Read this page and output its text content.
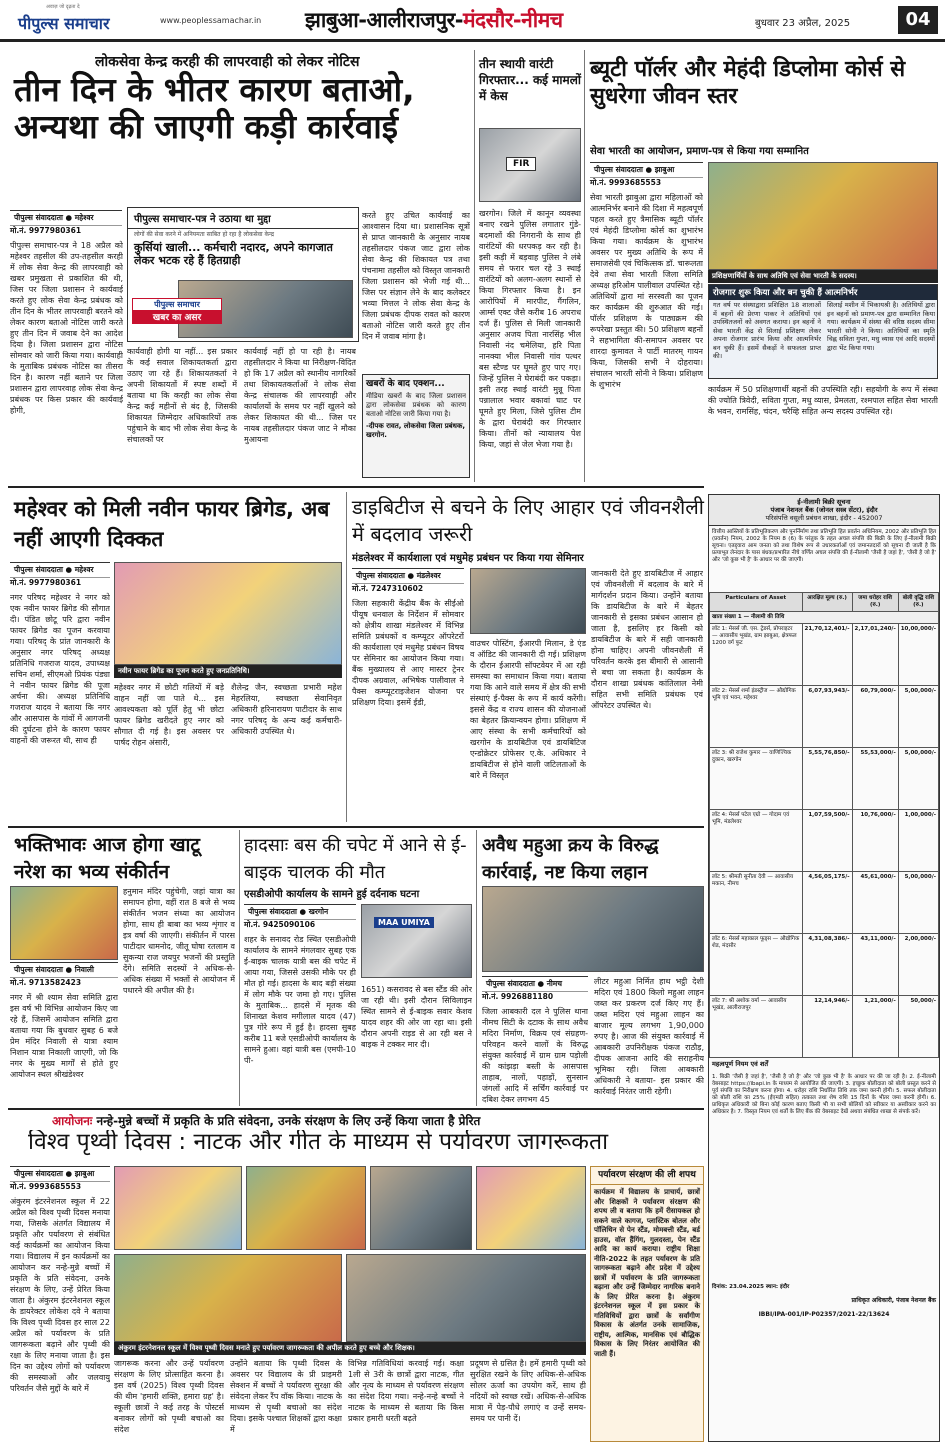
अवाज़ जो दृढ़ता दे
पीपुल्स समाचार	www.peoplessamachar.in झाबुआ-आलीराजपुर-मंदसौर-नीमच	बुधवार 23 अप्रैल, 2025	04
लोकसेवा केन्द्र करही की लापरवाही को लेकर नोटिस
तीन दिन के भीतर कारण बताओ, अन्यथा की जाएगी कड़ी कार्रवाई
पीपुल्स संवाददाता ● महेश्वर
मो.नं. 9977980361
पीपुल्स समाचार-पत्र ने 18 अप्रैल को महेश्वर तहसील की उप-तहसील करही में लोक सेवा केन्द्र की लापरवाही को खबर प्रमुखता से प्रकाशित की थी, जिस पर जिला प्रशासन ने कार्यवाई करते हुए लोक सेवा केन्द्र प्रबंधक को तीन दिन के भीतर लापरवाही बरतने को लेकर कारण बताओ नोटिस जारी करते हुए तीन दिन में जवाब देने का आदेश दिया है। जिला प्रशासन द्वारा नोटिस सोमवार को जारी किया गया। कार्यवाही के मुताबिक प्रबंधक नोटिस का तीसरा दिन है। कारण नहीं बताने पर जिला प्रशासन द्वारा लापरवाह लोक सेवा केन्द्र प्रबंधक पर किस प्रकार की कार्यवाई होगी,
पीपुल्स समाचार-पत्र ने उठाया था मुद्दा
लोगों की सेवा करने में अनियमता साबित हो रहा है लोकसेवा केन्द्र
कुर्सियां खाली... कर्मचारी नदारद, अपने कागजात लेकर भटक रहे हैं हितग्राही
पीपुल्स समाचार
खबर का असर
कार्यवाही होगी या नहीं... इस प्रकार के कई सवाल शिकायतकर्ता द्वारा उठाए जा रहे हैं। शिकायतकर्ता ने अपनी शिकायतों में स्पष्ट शब्दों में बताया था कि करही का लोक सेवा केन्द्र कई महीनों से बंद है, जिसकी शिकायत जिम्मेदार अधिकारियों तक पहुंचाने के बाद भी लोक सेवा केन्द्र के संचालकों पर
कार्यवाई नहीं हो पा रही है। नायब तहसीलदार ने किया था निरीक्षण-विदित हो कि 17 अप्रैल को स्थानीय नागरिकों तथा शिकायतकर्ताओं ने लोक सेवा केन्द्र संचालक की लापरवाही और कार्यालयों के समय पर नहीं खुलने को लेकर शिकायत की थी... जिस पर नायब तहसीलदार पंकज जाट ने मौका मुआयना
करते हुए उचित कार्यवाई का आश्वासन दिया था। प्रशासनिक सूत्रों से प्राप्त जानकारी के अनुसार नायब तहसीलदार पंकज जाट द्वारा लोक सेवा केन्द्र की शिकायत पत्र तथा पंचनामा तहसील को विस्तृत जानकारी जिला प्रशासन को भेजी गई थी... जिस पर संज्ञान लेने के बाद कलेक्टर भव्या मित्तल ने लोक सेवा केन्द्र के जिला प्रबंधक दीपक रावत को कारण बताओ नोटिस जारी करते हुए तीन दिन में जवाब मांगा है।
खबरों के बाद एक्शन...
मीडिया खबरों के बाद जिला प्रशासन द्वारा लोकसेवा प्रबंधक को कारण बताओ नोटिस जारी किया गया है।
-दीपक रावत, लोकसेवा जिला प्रबंधक, खरगोन.
तीन स्थायी वारंटी गिरफ्तार... कई मामलों में केस
FIR
खरगोन। जिले में कानून व्यवस्था बनाए रखने पुलिस लगातार गुंडे-बदमाशों की निगरानी के साथ ही वारंटियों की धरपकड़ कर रही है। इसी कड़ी में बड़वाह पुलिस ने लंबे समय से फरार चल रहे 3 स्थाई वारंटियों को अलग-अलग स्थानों से किया गिरफ्तार किया है। इन आरोपियों में मारपीट, गैंगलिन, आर्म्स एक्ट जैसे करीब 16 अपराध दर्ज हैं। पुलिस से मिली जानकारी अनुसार अजय पिता नारसिंह भील निवासी नंद चमेलिया, हरि पिता नानक्या भील निवासी गांव पत्थर बस स्टैण्ड पर घूमते हुए पाए गए। जिन्हें पुलिस ने घेराबंदी कर पकड़ा। इसी तरह स्थाई वारंटी मुन्नू पिता पन्नालाल भवार बकावां घाट पर घूमते हुए मिला, जिसे पुलिस टीम के द्वारा घेराबंदी कर गिरफ्तार किया। तीनों को न्यायालय पेश किया, जहां से जेल भेजा गया है।
ब्यूटी पॉर्लर और मेहंदी डिप्लोमा कोर्स से सुधरेगा जीवन स्तर
सेवा भारती का आयोजन, प्रमाण-पत्र से किया गया सम्मानित
पीपुल्स संवाददाता ● झाबुआ
मो.नं. 9993685553
सेवा भारती झाबुआ द्वारा महिलाओं को आत्मनिर्भर बनाने की दिशा में महत्वपूर्ण पहल करते हुए त्रैमासिक ब्यूटी पॉर्लर एवं मेहंदी डिप्लोमा कोर्स का शुभारंभ किया गया। कार्यक्रम के शुभारंभ अवसर पर मुख्य अतिथि के रूप में समाजसेवी एवं चिकित्सक डॉ. चारूलता देवे तथा सेवा भारती जिला समिति अध्यक्ष हरिओम पालीवाल उपस्थित रहे। अतिथियों द्वारा मां सरस्वती का पूजन कर कार्यक्रम की शुरुआत की गई। पॉर्लर प्रशिक्षण के पाठ्यक्रम की रूपरेखा प्रस्तुत की। 50 प्रशिक्षण बहनों ने सहभागिता की-समापन अवसर पर शारदा कुमावत ने पार्टी मातरम् गायन किया, जिसकी सभी ने दोहराया। संचालन भारती सोनी ने किया। प्रशिक्षण के शुभारंभ
प्रशिक्षणार्थियों के साथ अतिथि एवं सेवा भारती के सदस्य।
रोजगार शुरू किया और बन चुकी हैं आत्मनिर्भर
गत वर्ष पर संस्थाद्वारा प्रशिक्षित 18 शालाओं में बहनों की प्रेरणा पाकर ने अतिथियों एवं उपस्थितजनों को अवगत कराया। इन बहनों ने सेवा भारती केंद्र से सिलाई प्रशिक्षण लेकर अपना रोजगार प्रारंभ किया और आत्मनिर्भर बन चुकी हैं। इसमें सैकड़ों ने सफलता प्राप्त की।
सिलाई मशीन में भिकायश्री है। अतिथियों द्वारा इन बहनों को प्रमाण-पत्र द्वारा सम्मानित किया गया। कार्यक्रम में संस्था की वरिष्ठ सदस्य सीमा भारती सोनी ने किया। अतिथियों का स्मृति चिह्न सविता गुप्ता, मधु व्यास एवं आदि सदस्यों द्वारा भेंट किया गया।
कार्यक्रम में 50 प्रशिक्षणार्थी बहनों की उपस्थिति रही। सहयोगी के रूप में संस्था की ज्योति त्रिवेदी, सविता गुप्ता, मधु व्यास, प्रेमलता, रश्मपाल सहित सेवा भारती के भवन, रामसिंह, चंदन, चरैव्हि सहित अन्य सदस्य उपस्थित रहे।
महेश्वर को मिली नवीन फायर ब्रिगेड, अब नहीं आएगी दिक्कत
पीपुल्स संवाददाता ● महेश्वर
मो.नं. 9977980361
नगर परिषद महेश्वर ने नगर को एक नवीन फायर ब्रिगेड की सौगात दी। पंडित छोटू परि द्वारा नवीन फायर ब्रिगेड का पूजन करवाया गया। परिषद् के प्रांत जानकारी के अनुसार नगर परिषद् अध्यक्ष प्रतिनिधि गजराज यादव, उपाध्यक्ष सचिन शर्मा, सीएमओ प्रियंक पंड्या ने नवीन फायर ब्रिगेड की पूजा अर्चना की। अध्यक्ष प्रतिनिधि गजराज यादव ने बताया कि नगर और आसपास के गांवों में आगजनी की दुर्घटना होने के कारण फायर वाहनों की जरूरत थी, साथ ही
नवीन फायर ब्रिगेड का पूजन करते हुए जनप्रतिनिधि।
महेश्वर नगर में छोटी गलियों में बड़े वाहन नहीं जा पाते थे... इस आवश्यकता को पूर्ति हेतु भी छोटा फायर ब्रिगेड खरीदते हुए नगर को सौगात दी गई है। इस अवसर पर पार्षद रोहन अंसारी,
शैलेन्द्र जैन, स्वच्छता प्रभारी महेश मेहरलिया, स्वच्छता सेवानिवृत अधिकारी हरिनारायण पाटीदार के साथ नगर परिषद् के अन्य कई कर्मचारी-अधिकारी उपस्थित थे।
डाइबिटीज से बचने के लिए आहार एवं जीवनशैली में बदलाव जरूरी
मंडलेश्वर में कार्यशाला एवं मधुमेह प्रबंधन पर किया गया सेमिनार
पीपुल्स संवाददाता ● मंडलेश्वर
मो.नं. 7247310602
जिला सहकारी केंद्रीय बैंक के सीईओ पीयूष धनवाल के निर्देशन में सोमवार को क्षेत्रीय शाखा मंडलेश्वर में विभिन्न समिति प्रबंधकों व कम्प्यूटर ऑपरेटरों की कार्यशाला एवं मधुमेह प्रबंधन विषय पर सेमिनार का आयोजन किया गया। बैंक मुख्यालय से आए मास्टर ट्रेनर दीपक अग्रवाल, अभिषेक पालीवाल ने पैक्स कम्प्यूटराइजेशन योजना पर प्रशिक्षण दिया। इसमें ईडी,
वाउचर पोस्टिंग, ईआरपी मिलान, डे एंड व ऑडिट की जानकारी दी गई। प्रशिक्षण के दौरान ईआरपी सॉफ्टवेयर में आ रही समस्या का समाधान किया गया। बताया गया कि आने वाले समय में क्षेत्र की सभी संस्थाएं ई-पैक्स के रूप में कार्य करेंगी। इससे केंद्र व राज्य शासन की योजनाओं का बेहतर क्रियान्वयन होगा। प्रशिक्षण में आए संस्था के सभी कर्मचारियों को खरगोन के डायबिटीज एवं डायबिटिज एन्डोक्रेटर प्रोफेसर ए.के. अधिकार ने डायबिटीज से होने वाली जटिलताओं के बारे में विस्तृत
जानकारी देते हुए डायबिटीज में आहार एवं जीवनशैली में बदलाव के बारे में मार्गदर्शन प्रदान किया। उन्होंने बताया कि डायबिटीज के बारे में बेहतर जानकारी से इसका प्रबंधन आसान हो जाता है, इसलिए हर किसी को डायबिटीज के बारे में सही जानकारी होना चाहिए। अपनी जीवनशैली में परिवर्तन करके इस बीमारी से आसानी से बचा जा सकता है। कार्यक्रम के दौरान शाखा प्रबंधक कांतिलाल नेमी सहित सभी समिति प्रबंधक एवं ऑपरेटर उपस्थित थे।
भक्तिभावः आज होगा खाटू नरेश का भव्य संकीर्तन
पीपुल्स संवाददाता ● निवाली
मो.नं. 9713582423
नगर में श्री श्याम सेवा समिति द्वारा इस वर्ष भी विभिन्न आयोजन किए जा रहे हैं, जिसमें आयोजन समिति द्वारा बताया गया कि बुधवार सुबह 6 बजे प्रेम मंदिर निवाली से यात्रा श्याम निशान यात्रा निकाली जाएगी, जो कि नगर के मुख्य मार्गों से होते हुए आयोजन स्थल श्रीखंडेश्वर
हनुमान मंदिर पहुंचेगी, जहां यात्रा का समापन होगा, वहीं रात 8 बजे से भव्य संकीर्तन भजन संध्या का आयोजन होगा, साथ ही बाबा का भव्य शृंगार व इत्र वर्षा की जाएगी। संकीर्तन में पारस पाटीदार धामनोद, जीतू घोषा रतलाम व सुकन्या राज जयपुर भजनों की प्रस्तुति देंगे। समिति सदस्यों ने अधिक-से-अधिक संख्या में भक्तों से आयोजन में पधारने की अपील की है।
हादसाः बस की चपेट में आने से ई-बाइक चालक की मौत
एसडीओपी कार्यालय के सामने हुई दर्दनाक घटना
पीपुल्स संवाददाता ● खरगोन
मो.नं. 9425090106
शहर के सनावद रोड स्थित एसडीओपी कार्यालय के सामने मंगलवार सुबह एक ई-बाइक चालक यात्री बस की चपेट में आया गया, जिससे उसकी मौके पर ही मौत हो गई। हादसा के बाद बड़ी संख्या में लोग मौके पर जमा हो गए। पुलिस के मुताबिक... हादसे में मृतक की शिनाख्त केशव मगीलाल यादव (47) पुत्र गोरे रूप में हुई है। हादसा सुबह करीब 11 बजे एसडीओपी कार्यालय के सामने हुआ। वहां यात्री बस (एमपी-10 पी-
MAA UMIYA
1651) कसरावद से बस स्टैंड की ओर जा रही थी। इसी दौरान सिविलाइन स्थित सामने से ई-बाइक सवार केशव यादव शहर की ओर जा रहा था। इसी दौरान अपनी राइड से आ रही बस ने बाइक ने टक्कर मार दी।
अवैध महुआ क्रय के विरुद्ध कार्रवाई, नष्ट किया लहान
पीपुल्स संवाददाता ● नीमच
मो.नं. 9926881180
जिला आबकारी दल ने पुलिस थाना नीमच सिटी के दटाक के साथ अवैध मदिरा निर्माण, विक्रय एवं संग्रहण-परिवहन करने वालों के विरुद्ध संयुक्त कार्रवाई में ग्राम ग्राम पड़ोली की कांझड़ा बस्ती के आसपास ताहाब, नालों, पहाड़ों, सुनसान जंगलों आदि में सर्चिंग कार्रवाई पर दबिश देकर लगभग 45
लीटर महुआ निर्मित हाथ भट्ठी देशी मदिरा एवं 1800 किलो महुआ लाहन जब्त कर प्रकरण दर्ज किए गए हैं। जब्त मदिरा एवं महुआ लाहन का बाजार मूल्य लगभग 1,90,000 रुपए है। आज की संयुक्त कार्रवाई में आबकारी उपनिरीक्षक पंकज राठौड़, दीपक आजना आदि की सराहनीय भूमिका रही। जिला आबकारी अधिकारी ने बताया- इस प्रकार की कार्रवाई निरंतर जारी रहेगी।
आयोजनः नन्हे-मुन्ने बच्चों में प्रकृति के प्रति संवेदना, उनके संरक्षण के लिए उन्हें किया जाता है प्रेरित
विश्व पृथ्वी दिवस : नाटक और गीत के माध्यम से पर्यावरण जागरूकता
पीपुल्स संवाददाता ● झाबुआ
मो.नं. 9993685553
अंकुरम इंटरनेशनल स्कूल में 22 अप्रैल को विश्व पृथ्वी दिवस मनाया गया, जिसके अंतर्गत विद्यालय में प्रकृति और पर्यावरण से संबंधित कई कार्यक्रमों का आयोजन किया गया। विद्यालय में इन कार्यक्रमों का आयोजन कर नन्हे-मुन्ने बच्चों में प्रकृति के प्रति संवेदना, उनके संरक्षण के लिए, उन्हें प्रेरित किया जाता है। अंकुरम इंटरनेशनल स्कूल के डायरेक्टर लोकेश दवे ने बताया कि विश्व पृथ्वी दिवस हर साल 22 अप्रैल को पर्यावरण के प्रति जागरूकता बढ़ाने और पृथ्वी की रक्षा के लिए मनाया जाता है। इस दिन का उद्देश्य लोगों को पर्यावरण की समस्याओं और जलवायु परिवर्तन जैसे मुद्दों के बारे में
अंकुरम इंटरनेशनल स्कूल में विश्व पृथ्वी दिवस मनाते हुए पर्यावरण जागरूकता की अपील करते हुए बच्चे और शिक्षक।
जागरूक करना और उन्हें पर्यावरण संरक्षण के लिए प्रोत्साहित करना है। इस वर्ष (2025) विश्व पृथ्वी दिवस की थीम 'हमारी शक्ति, हमारा ग्रह' है। स्कूली छात्रों ने कई तरह के पोस्टर्स बनाकर लोगों को पृथ्वी बचाओ का संदेश
उन्होंने बताया कि पृथ्वी दिवस के अवसर पर विद्यालय के प्री प्राइमरी सेक्शन में बच्चों ने पर्यावरण सुरक्षा की संवेदना लेकर रैंप वॉक किया। नाटक के माध्यम से पृथ्वी बचाओ का संदेश दिया। इसके पश्चात शिक्षकों द्वारा कक्षा में
विभिन्न गतिविधियां करवाई गई। कक्षा 1ली से 3री के छात्रों द्वारा नाटक, गीत और नृत्य के माध्यम से पर्यावरण संरक्षण का संदेश दिया गया। नन्हे-नन्हे बच्चों ने नाटक के माध्यम से बताया कि किस प्रकार हमारी धरती बढ़ते
प्रदूषण से ग्रसित है। हमें हमारी पृथ्वी को सुरक्षित रखने के लिए अधिक-से-अधिक सोलर ऊर्जा का उपयोग करें, साथ ही नदियों को स्वच्छ रखें। अधिक-से-अधिक मात्रा में पेड़-पौधे लगाएं व उन्हें समय-समय पर पानी दें।
पर्यावरण संरक्षण की ली शपथ
कार्यक्रम में विद्यालय के प्राचार्य, छात्रों और शिक्षकों ने पर्यावरण संरक्षण की शपथ ली व बताया कि हमें रीसायकल हो सकने वाले कागज, प्लास्टिक बोतल और पॉलिथिन से पेन स्टैंड, मोमबत्ती स्टैंड, बर्ड हाउस, वॉल हैंगिंग, गुलदस्ता, पेन स्टैंड आदि का कार्य कराया। राष्ट्रीय शिक्षा नीति-2022 के तहत पर्यावरण के प्रति जागरूकता बढ़ाने और प्रदेश में उद्देश्य छात्रों में पर्यावरण के प्रति जागरूकता बढ़ाना और उन्हें जिम्मेदार नागरिक बनाने के लिए प्रेरित करना है। अंकुरम इंटरनेशनल स्कूल में इस प्रकार के गतिविधियों द्वारा छात्रों के सर्वांगीण विकास के अंतर्गत उनके सामाजिक, राष्ट्रीय, आत्मिक, मानसिक एवं बौद्धिक विकास के लिए निरंतर आयोजित की जाती हैं।
ई-नीलामी बिक्री सूचना
पंजाब नेशनल बैंक (जोनल सस्त्र सेंटर), इंदौर
परिसंपत्ति वसूली प्रबंधन शाखा, इंदौर - 452007
वित्तीय आस्तियों के प्रतिभूतिकरण और पुनर्निर्माण तथा प्रतिभूति हित प्रवर्तन अधिनियम, 2002 और प्रतिभूति हित (प्रवर्तन) नियम, 2002 के नियम 8 (6) के परंतुक के तहत अचल संपत्ति की बिक्री के लिए ई-नीलामी बिक्री सूचना। एतद्द्वारा आम जनता को तथा विशेष रूप से उधारकर्ताओं एवं जमानतदारों को सूचना दी जाती है कि प्रत्याभूत लेनदार के पास बंधक/प्रभारित नीचे वर्णित अचल संपत्ति की ई-नीलामी 'जैसी है जहां है', 'जैसी है जो है' और 'जो कुछ भी है' के आधार पर की जाएगी।
Particulars of Asset	आरक्षित मूल्य (रु.)	जमा धरोहर राशि (रु.)	बोली वृद्धि राशि (रु.)
खाता संख्या 1 — नीलामी की तिथि			
लॉट 1: मेसर्स जी. एस. ट्रेडर्स, प्रोपराइटर — आवासीय भूखंड, ग्राम झाबुआ, क्षेत्रफल 1200 वर्ग फुट	21,70,12,401/-	2,17,01,240/-	10,00,000/-
लॉट 2: मेसर्स शर्मा इंडस्ट्रीज — औद्योगिक भूमि एवं भवन, महेश्वर	6,07,93,943/-	60,79,000/-	5,00,000/-
लॉट 3: श्री राजेश कुमार — वाणिज्यिक दुकान, खरगोन	5,55,76,850/-	55,53,000/-	5,00,000/-
लॉट 4: मेसर्स पटेल एग्रो — गोदाम एवं भूमि, मंडलेश्वर	1,07,59,500/-	10,76,000/-	1,00,000/-
लॉट 5: श्रीमती सुनीता देवी — आवासीय मकान, नीमच	4,56,05,175/-	45,61,000/-	5,00,000/-
लॉट 6: मेसर्स महाकाल फूड्स — औद्योगिक शेड, मंदसौर	4,31,08,386/-	43,11,000/-	2,00,000/-
लॉट 7: श्री अशोक वर्मा — आवासीय भूखंड, आलीराजपुर	12,14,946/-	1,21,000/-	50,000/-
महत्वपूर्ण नियम एवं शर्तें
1. बिक्री 'जैसी है जहां है', 'जैसी है जो है' और 'जो कुछ भी है' के आधार पर की जा रही है। 2. ई-नीलामी वेबसाइट https://ibapi.in के माध्यम से आयोजित की जाएगी। 3. इच्छुक बोलीदाता को बोली प्रस्तुत करने से पूर्व संपत्ति का निरीक्षण करना होगा। 4. धरोहर राशि निर्धारित तिथि तक जमा करनी होगी। 5. सफल बोलीदाता को बोली राशि का 25% (ईएमडी सहित) तत्काल तथा शेष राशि 15 दिनों के भीतर जमा करनी होगी। 6. प्राधिकृत अधिकारी को बिना कोई कारण बताए किसी भी या सभी बोलियों को स्वीकार या अस्वीकार करने का अधिकार है। 7. विस्तृत नियम एवं शर्तों के लिए बैंक की वेबसाइट देखें अथवा संबंधित शाखा से संपर्क करें।
दिनांक: 23.04.2025 स्थान: इंदौर
प्राधिकृत अधिकारी, पंजाब नेशनल बैंक
IBBI/IPA-001/IP-P02357/2021-22/13624
